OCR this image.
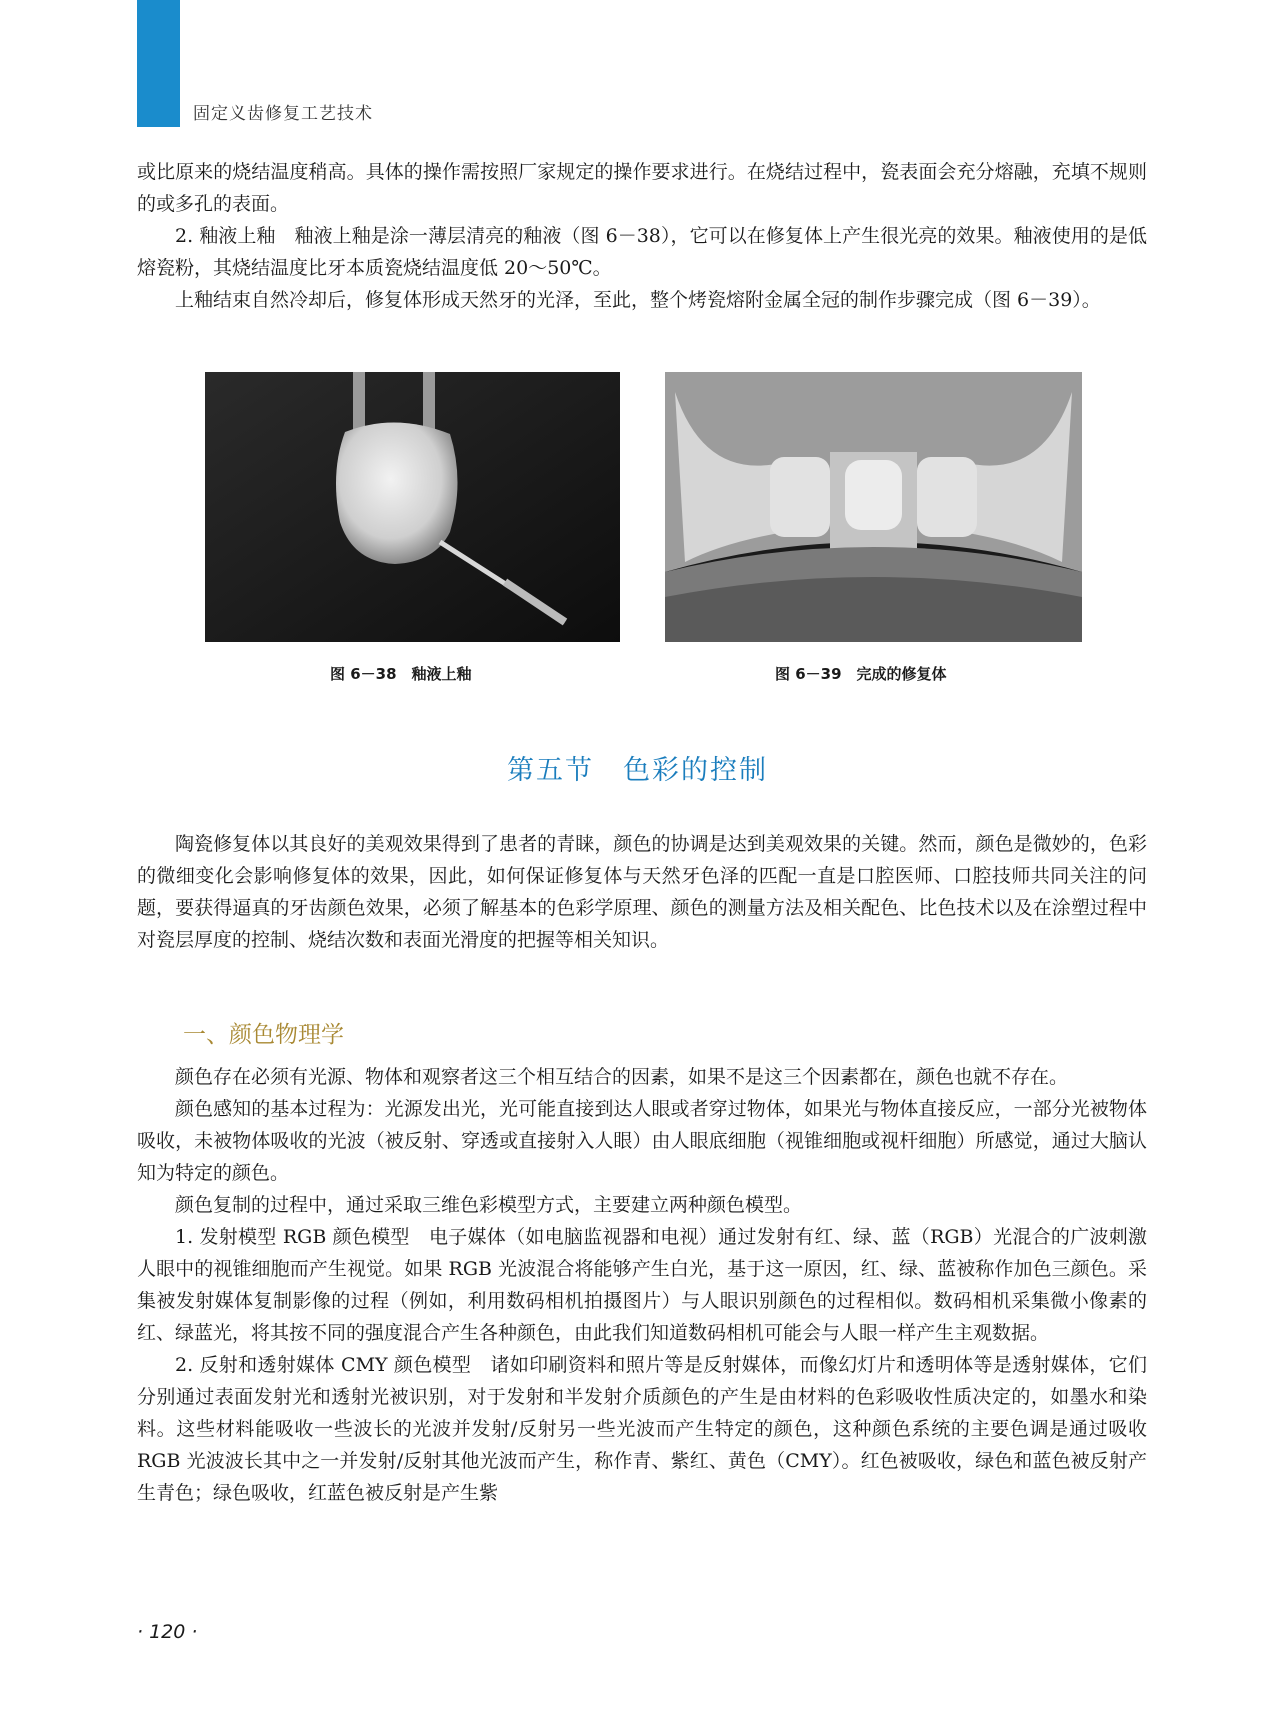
固定义齿修复工艺技术

或比原来的烧结温度稍高。具体的操作需按照厂家规定的操作要求进行。在烧结过程中，瓷表面会充分熔融，充填不规则的或多孔的表面。

2. 釉液上釉　釉液上釉是涂一薄层清亮的釉液（图 6－38），它可以在修复体上产生很光亮的效果。釉液使用的是低熔瓷粉，其烧结温度比牙本质瓷烧结温度低 20～50℃。

上釉结束自然冷却后，修复体形成天然牙的光泽，至此，整个烤瓷熔附金属全冠的制作步骤完成（图 6－39）。

图 6－38　釉液上釉	图 6－39　完成的修复体
第五节　色彩的控制

陶瓷修复体以其良好的美观效果得到了患者的青睐，颜色的协调是达到美观效果的关键。然而，颜色是微妙的，色彩的微细变化会影响修复体的效果，因此，如何保证修复体与天然牙色泽的匹配一直是口腔医师、口腔技师共同关注的问题，要获得逼真的牙齿颜色效果，必须了解基本的色彩学原理、颜色的测量方法及相关配色、比色技术以及在涂塑过程中对瓷层厚度的控制、烧结次数和表面光滑度的把握等相关知识。

一、颜色物理学

颜色存在必须有光源、物体和观察者这三个相互结合的因素，如果不是这三个因素都在，颜色也就不存在。

颜色感知的基本过程为：光源发出光，光可能直接到达人眼或者穿过物体，如果光与物体直接反应，一部分光被物体吸收，未被物体吸收的光波（被反射、穿透或直接射入人眼）由人眼底细胞（视锥细胞或视杆细胞）所感觉，通过大脑认知为特定的颜色。

颜色复制的过程中，通过采取三维色彩模型方式，主要建立两种颜色模型。

1. 发射模型 RGB 颜色模型　电子媒体（如电脑监视器和电视）通过发射有红、绿、蓝（RGB）光混合的广波刺激人眼中的视锥细胞而产生视觉。如果 RGB 光波混合将能够产生白光，基于这一原因，红、绿、蓝被称作加色三颜色。采集被发射媒体复制影像的过程（例如，利用数码相机拍摄图片）与人眼识别颜色的过程相似。数码相机采集微小像素的红、绿蓝光，将其按不同的强度混合产生各种颜色，由此我们知道数码相机可能会与人眼一样产生主观数据。

2. 反射和透射媒体 CMY 颜色模型　诸如印刷资料和照片等是反射媒体，而像幻灯片和透明体等是透射媒体，它们分别通过表面发射光和透射光被识别，对于发射和半发射介质颜色的产生是由材料的色彩吸收性质决定的，如墨水和染料。这些材料能吸收一些波长的光波并发射/反射另一些光波而产生特定的颜色，这种颜色系统的主要色调是通过吸收 RGB 光波波长其中之一并发射/反射其他光波而产生，称作青、紫红、黄色（CMY）。红色被吸收，绿色和蓝色被反射产生青色；绿色吸收，红蓝色被反射是产生紫

· 120 ·
